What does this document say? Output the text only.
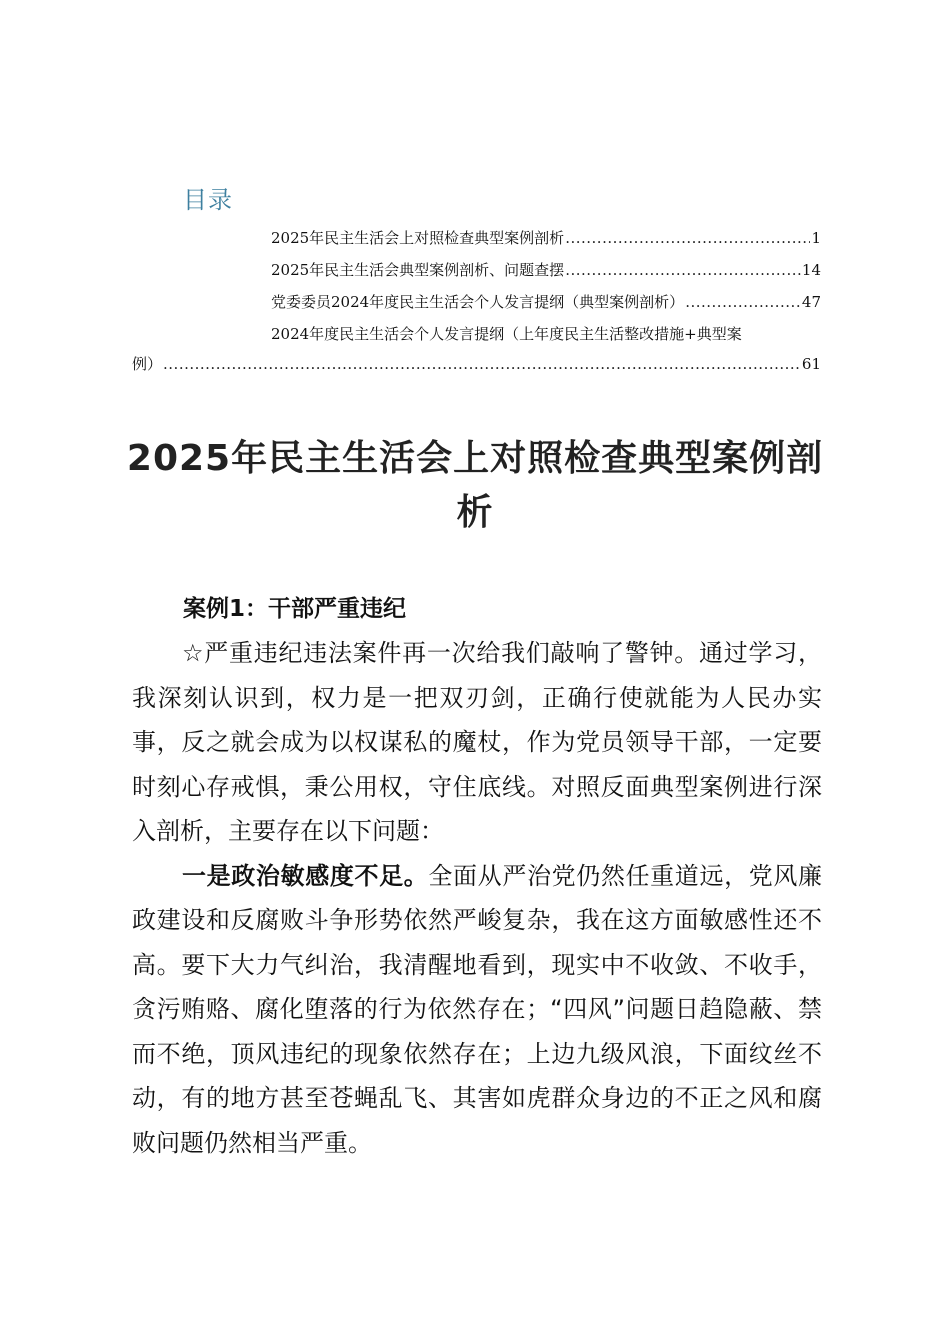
目录
2025年民主生活会上对照检查典型案例剖析 .....	1
2025年民主生活会典型案例剖析、问题查摆 .....	14
党委委员2024年度民主生活会个人发言提纲（典型案例剖析） .....	47
2024年度民主生活会个人发言提纲（上年度民主生活整改措施+典型案
例） .....	61
2025年民主生活会上对照检查典型案例剖析
案例1：干部严重违纪

☆严重违纪违法案件再一次给我们敲响了警钟。通过学习，我深刻认识到，权力是一把双刃剑，正确行使就能为人民办实事，反之就会成为以权谋私的魔杖，作为党员领导干部，一定要时刻心存戒惧，秉公用权，守住底线。对照反面典型案例进行深入剖析，主要存在以下问题：

一是政治敏感度不足。全面从严治党仍然任重道远，党风廉政建设和反腐败斗争形势依然严峻复杂，我在这方面敏感性还不高。要下大力气纠治，我清醒地看到，现实中不收敛、不收手，贪污贿赂、腐化堕落的行为依然存在；“四风”问题日趋隐蔽、禁而不绝，顶风违纪的现象依然存在；上边九级风浪，下面纹丝不动，有的地方甚至苍蝇乱飞、其害如虎群众身边的不正之风和腐败问题仍然相当严重。
